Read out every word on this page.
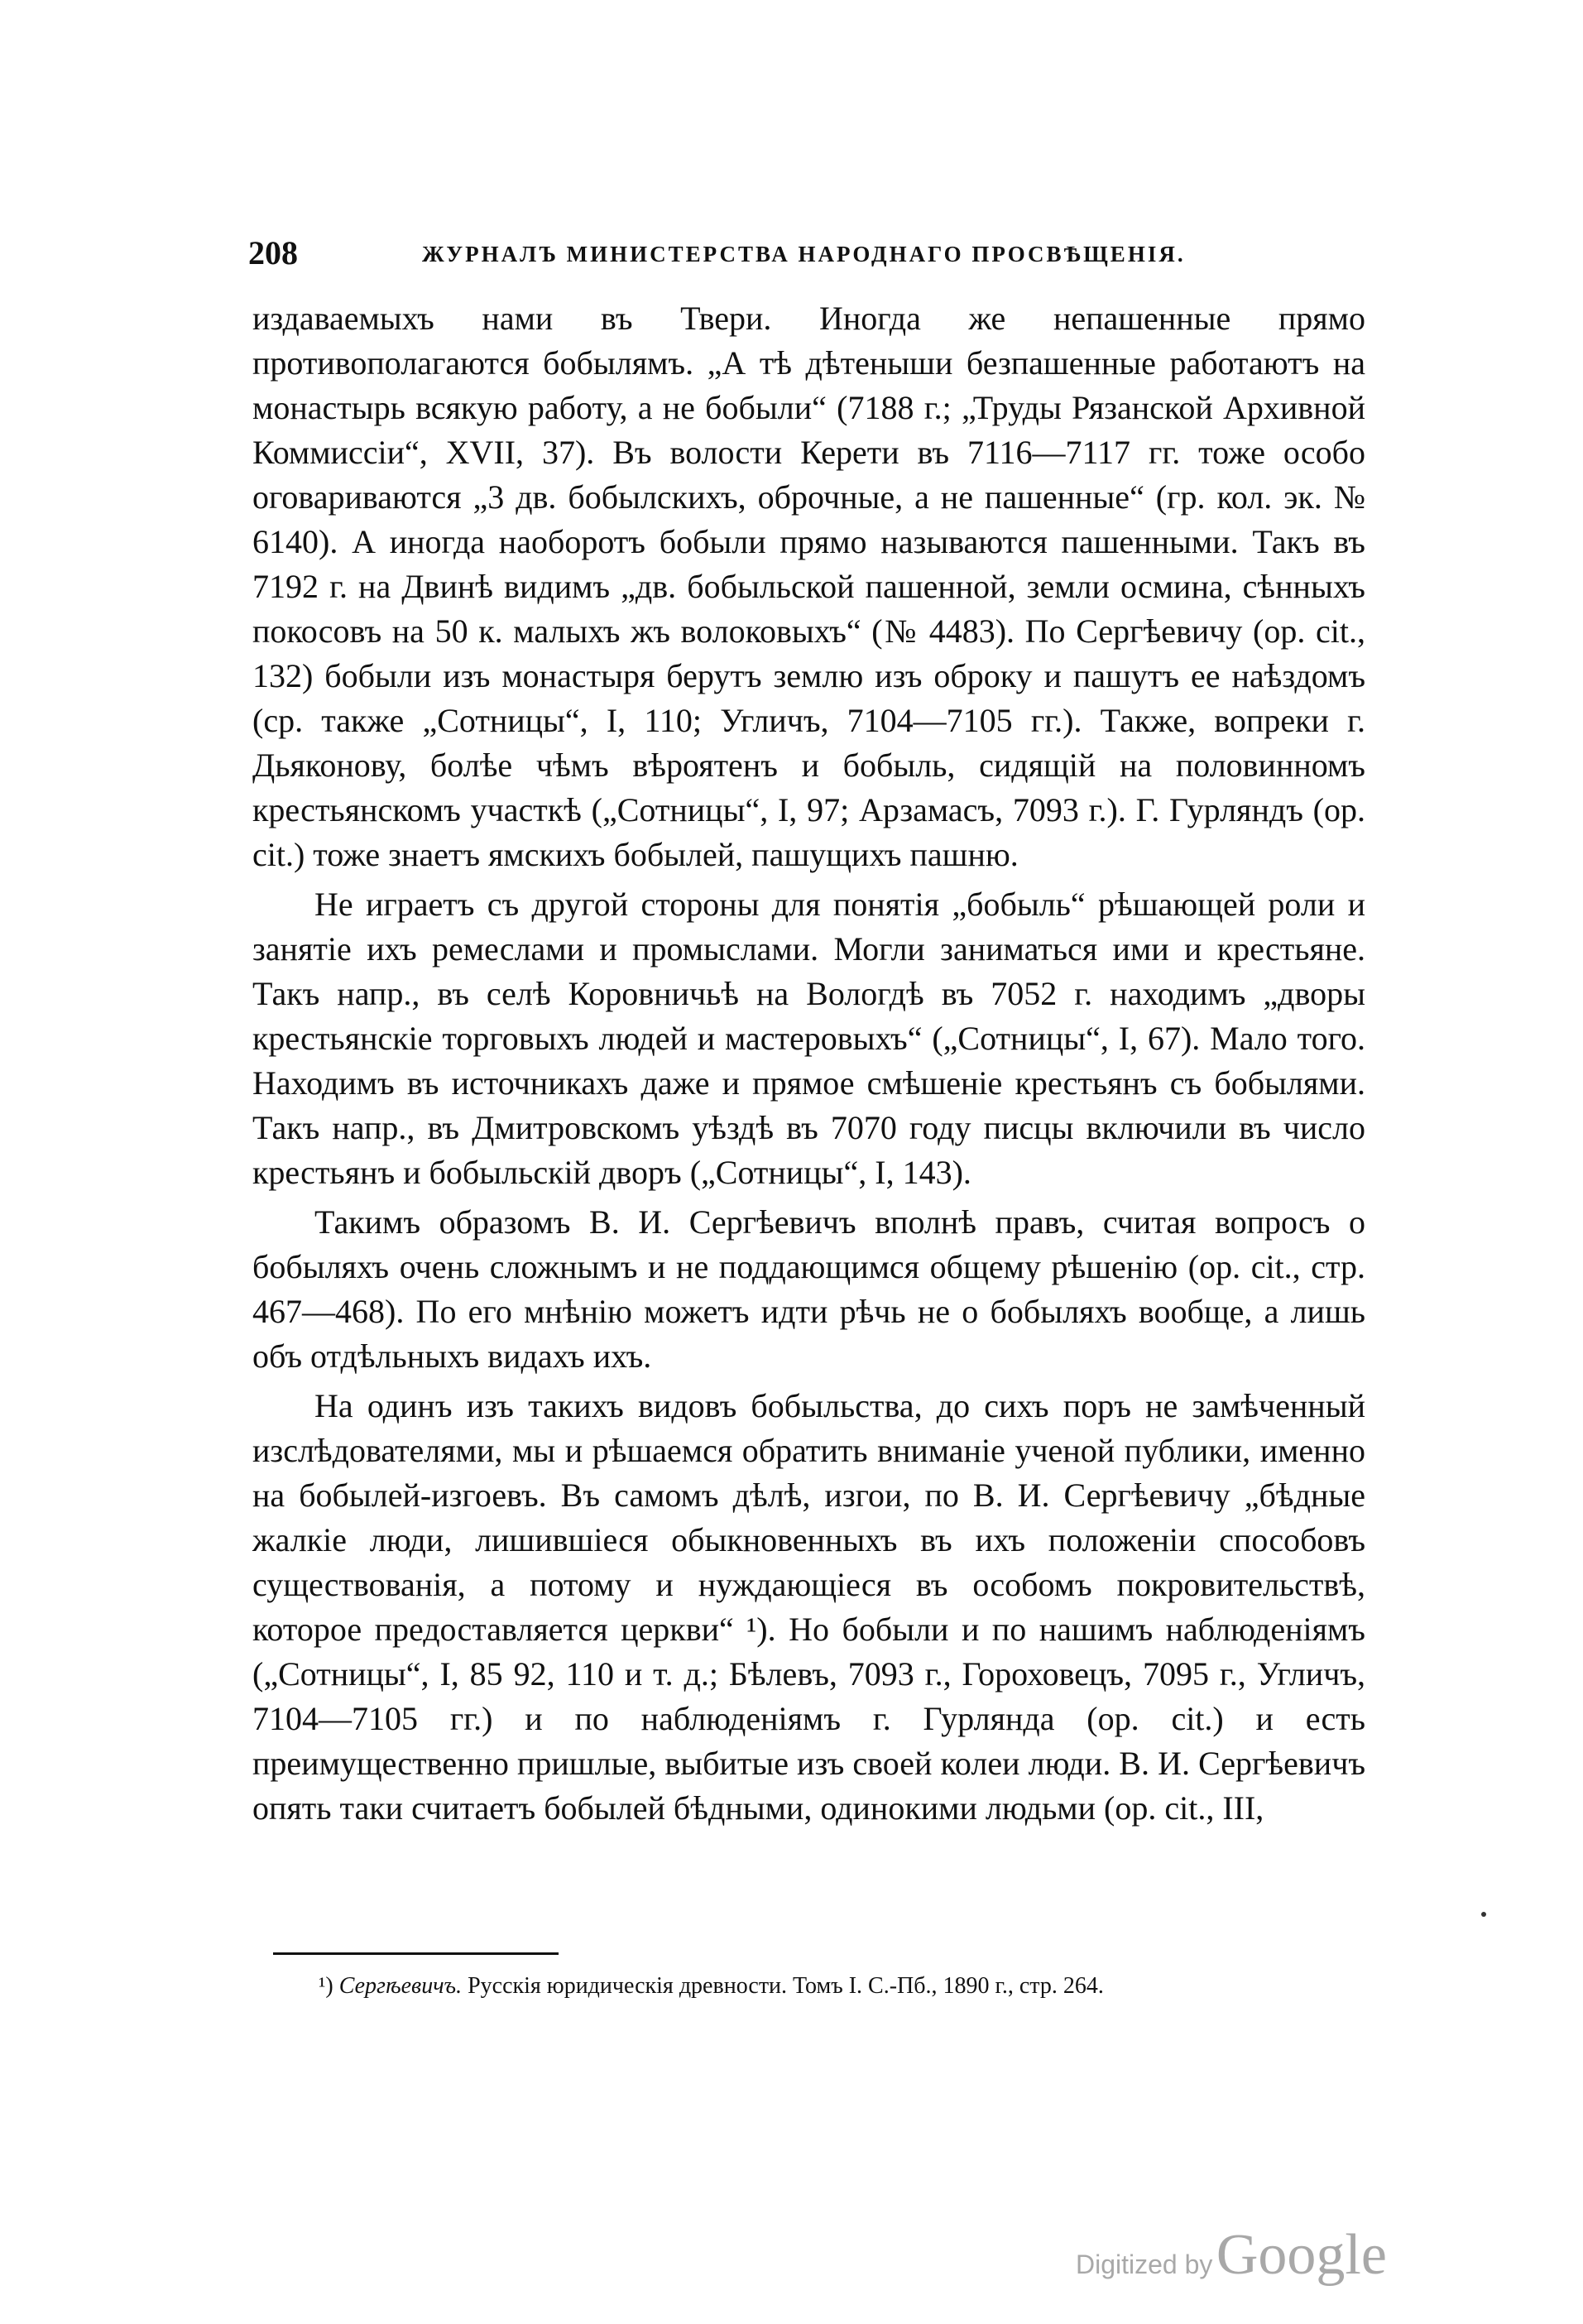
208	ЖУРНАЛЪ МИНИСТЕРСТВА НАРОДНАГО ПРОСВѢЩЕНІЯ.

издаваемыхъ нами въ Твери. Иногда же непашенные прямо противополагаются бобылямъ. „А тѣ дѣтеныши безпашенные работаютъ на монастырь всякую работу, а не бобыли“ (7188 г.; „Труды Рязанской Архивной Коммиссіи“, XVII, 37). Въ волости Керети въ 7116—7117 гг. тоже особо оговариваются „3 дв. бобылскихъ, оброчные, а не пашенные“ (гр. кол. эк. № 6140). А иногда наоборотъ бобыли прямо называются пашенными. Такъ въ 7192 г. на Двинѣ видимъ „дв. бобыльской пашенной, земли осмина, сѣнныхъ покосовъ на 50 к. малыхъ жъ волоковыхъ“ (№ 4483). По Сергѣевичу (op. cit., 132) бобыли изъ монастыря берутъ землю изъ оброку и пашутъ ее наѣздомъ (ср. также „Сотницы“, I, 110; Угличъ, 7104—7105 гг.). Также, вопреки г. Дьяконову, болѣе чѣмъ вѣроятенъ и бобыль, сидящій на половинномъ крестьянскомъ участкѣ („Сотницы“, I, 97; Арзамасъ, 7093 г.). Г. Гурляндъ (op. cit.) тоже знаетъ ямскихъ бобылей, пашущихъ пашню.

Не играетъ съ другой стороны для понятія „бобыль“ рѣшающей роли и занятіе ихъ ремеслами и промыслами. Могли заниматься ими и крестьяне. Такъ напр., въ селѣ Коровничьѣ на Вологдѣ въ 7052 г. находимъ „дворы крестьянскіе торговыхъ людей и мастеровыхъ“ („Сотницы“, I, 67). Мало того. Находимъ въ источникахъ даже и прямое смѣшеніе крестьянъ съ бобылями. Такъ напр., въ Дмитровскомъ уѣздѣ въ 7070 году писцы включили въ число крестьянъ и бобыльскій дворъ („Сотницы“, I, 143).

Такимъ образомъ В. И. Сергѣевичъ вполнѣ правъ, считая вопросъ о бобыляхъ очень сложнымъ и не поддающимся общему рѣшенію (op. cit., стр. 467—468). По его мнѣнію можетъ идти рѣчь не о бобыляхъ вообще, а лишь объ отдѣльныхъ видахъ ихъ.

На одинъ изъ такихъ видовъ бобыльства, до сихъ поръ не замѣченный изслѣдователями, мы и рѣшаемся обратить вниманіе ученой публики, именно на бобылей-изгоевъ. Въ самомъ дѣлѣ, изгои, по В. И. Сергѣевичу „бѣдные жалкіе люди, лишившіеся обыкновенныхъ въ ихъ положеніи способовъ существованія, а потому и нуждающіеся въ особомъ покровительствѣ, которое предоставляется церкви“ ¹). Но бобыли и по нашимъ наблюденіямъ („Сотницы“, I, 85 92, 110 и т. д.; Бѣлевъ, 7093 г., Гороховецъ, 7095 г., Угличъ, 7104—7105 гг.) и по наблюденіямъ г. Гурлянда (op. cit.) и есть преимущественно пришлые, выбитые изъ своей колеи люди. В. И. Сергѣевичъ опять таки считаетъ бобылей бѣдными, одинокими людьми (op. cit., III,

¹) Сергѣевичъ. Русскія юридическія древности. Томъ I. С.-Пб., 1890 г., стр. 264.
Digitized by Google
